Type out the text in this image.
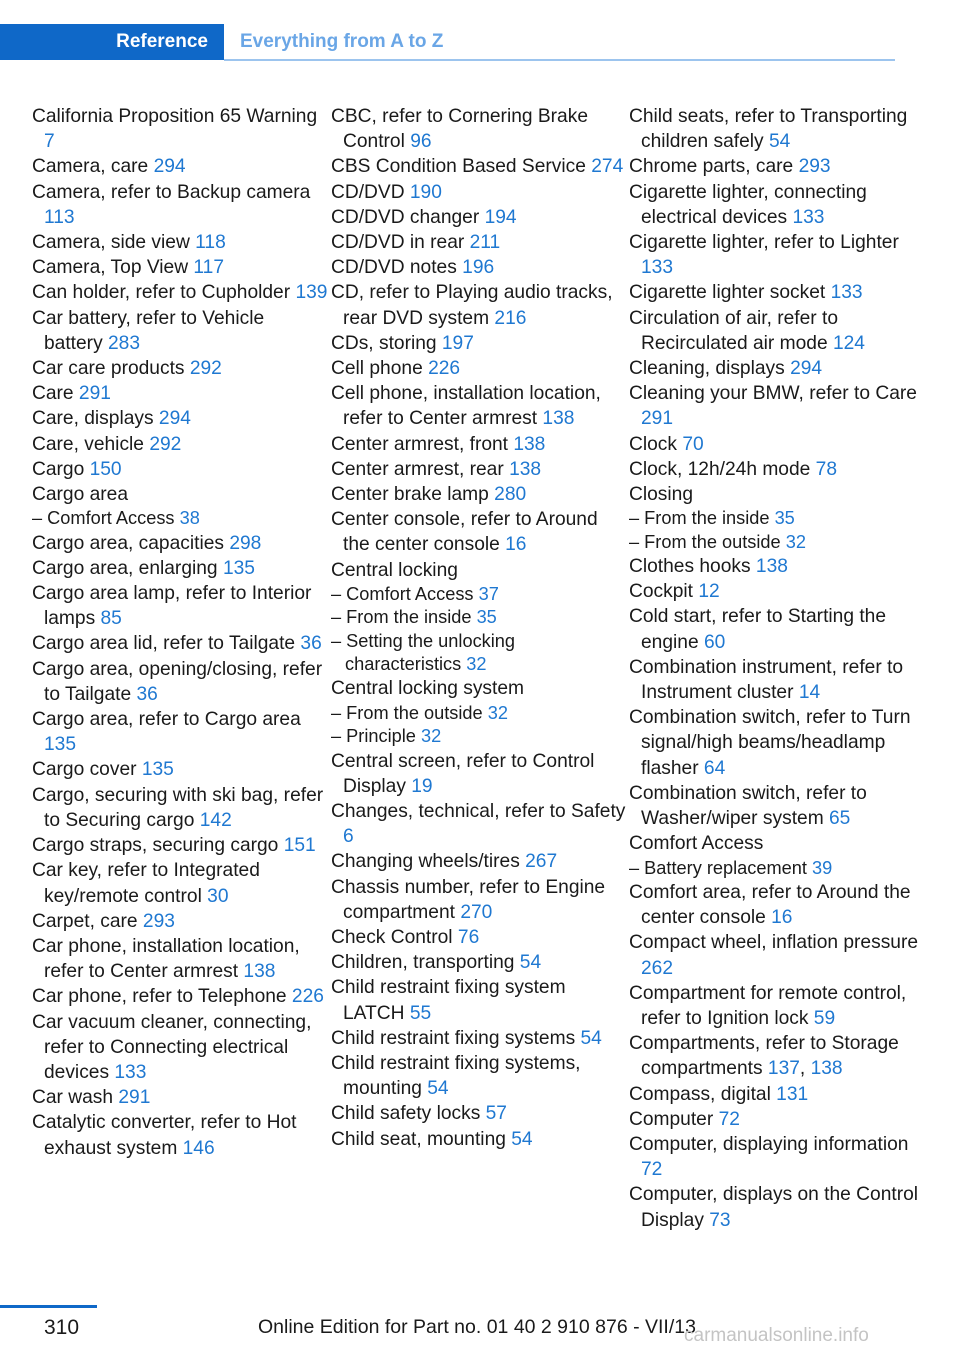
Reference	Everything from A to Z
California Proposition 65 Warning 7
Camera, care 294
Camera, refer to Backup camera 113
Camera, side view 118
Camera, Top View 117
Can holder, refer to Cupholder 139
Car battery, refer to Vehicle battery 283
Car care products 292
Care 291
Care, displays 294
Care, vehicle 292
Cargo 150
Cargo area
– Comfort Access 38
Cargo area, capacities 298
Cargo area, enlarging 135
Cargo area lamp, refer to Interior lamps 85
Cargo area lid, refer to Tailgate 36
Cargo area, opening/closing, refer to Tailgate 36
Cargo area, refer to Cargo area 135
Cargo cover 135
Cargo, securing with ski bag, refer to Securing cargo 142
Cargo straps, securing cargo 151
Car key, refer to Integrated key/remote control 30
Carpet, care 293
Car phone, installation location, refer to Center armrest 138
Car phone, refer to Telephone 226
Car vacuum cleaner, connecting, refer to Connecting electrical devices 133
Car wash 291
Catalytic converter, refer to Hot exhaust system 146
CBC, refer to Cornering Brake Control 96
CBS Condition Based Service 274
CD/DVD 190
CD/DVD changer 194
CD/DVD in rear 211
CD/DVD notes 196
CD, refer to Playing audio tracks, rear DVD system 216
CDs, storing 197
Cell phone 226
Cell phone, installation location, refer to Center armrest 138
Center armrest, front 138
Center armrest, rear 138
Center brake lamp 280
Center console, refer to Around the center console 16
Central locking
– Comfort Access 37
– From the inside 35
– Setting the unlocking characteristics 32
Central locking system
– From the outside 32
– Principle 32
Central screen, refer to Control Display 19
Changes, technical, refer to Safety 6
Changing wheels/tires 267
Chassis number, refer to Engine compartment 270
Check Control 76
Children, transporting 54
Child restraint fixing system LATCH 55
Child restraint fixing systems 54
Child restraint fixing systems, mounting 54
Child safety locks 57
Child seat, mounting 54
Child seats, refer to Transporting children safely 54
Chrome parts, care 293
Cigarette lighter, connecting electrical devices 133
Cigarette lighter, refer to Lighter 133
Cigarette lighter socket 133
Circulation of air, refer to Recirculated air mode 124
Cleaning, displays 294
Cleaning your BMW, refer to Care 291
Clock 70
Clock, 12h/24h mode 78
Closing
– From the inside 35
– From the outside 32
Clothes hooks 138
Cockpit 12
Cold start, refer to Starting the engine 60
Combination instrument, refer to Instrument cluster 14
Combination switch, refer to Turn signal/high beams/headlamp flasher 64
Combination switch, refer to Washer/wiper system 65
Comfort Access
– Battery replacement 39
Comfort area, refer to Around the center console 16
Compact wheel, inflation pressure 262
Compartment for remote control, refer to Ignition lock 59
Compartments, refer to Storage compartments 137, 138
Compass, digital 131
Computer 72
Computer, displaying information 72
Computer, displays on the Control Display 73
310	Online Edition for Part no. 01 40 2 910 876 - VII/13
carmanualsonline.info
